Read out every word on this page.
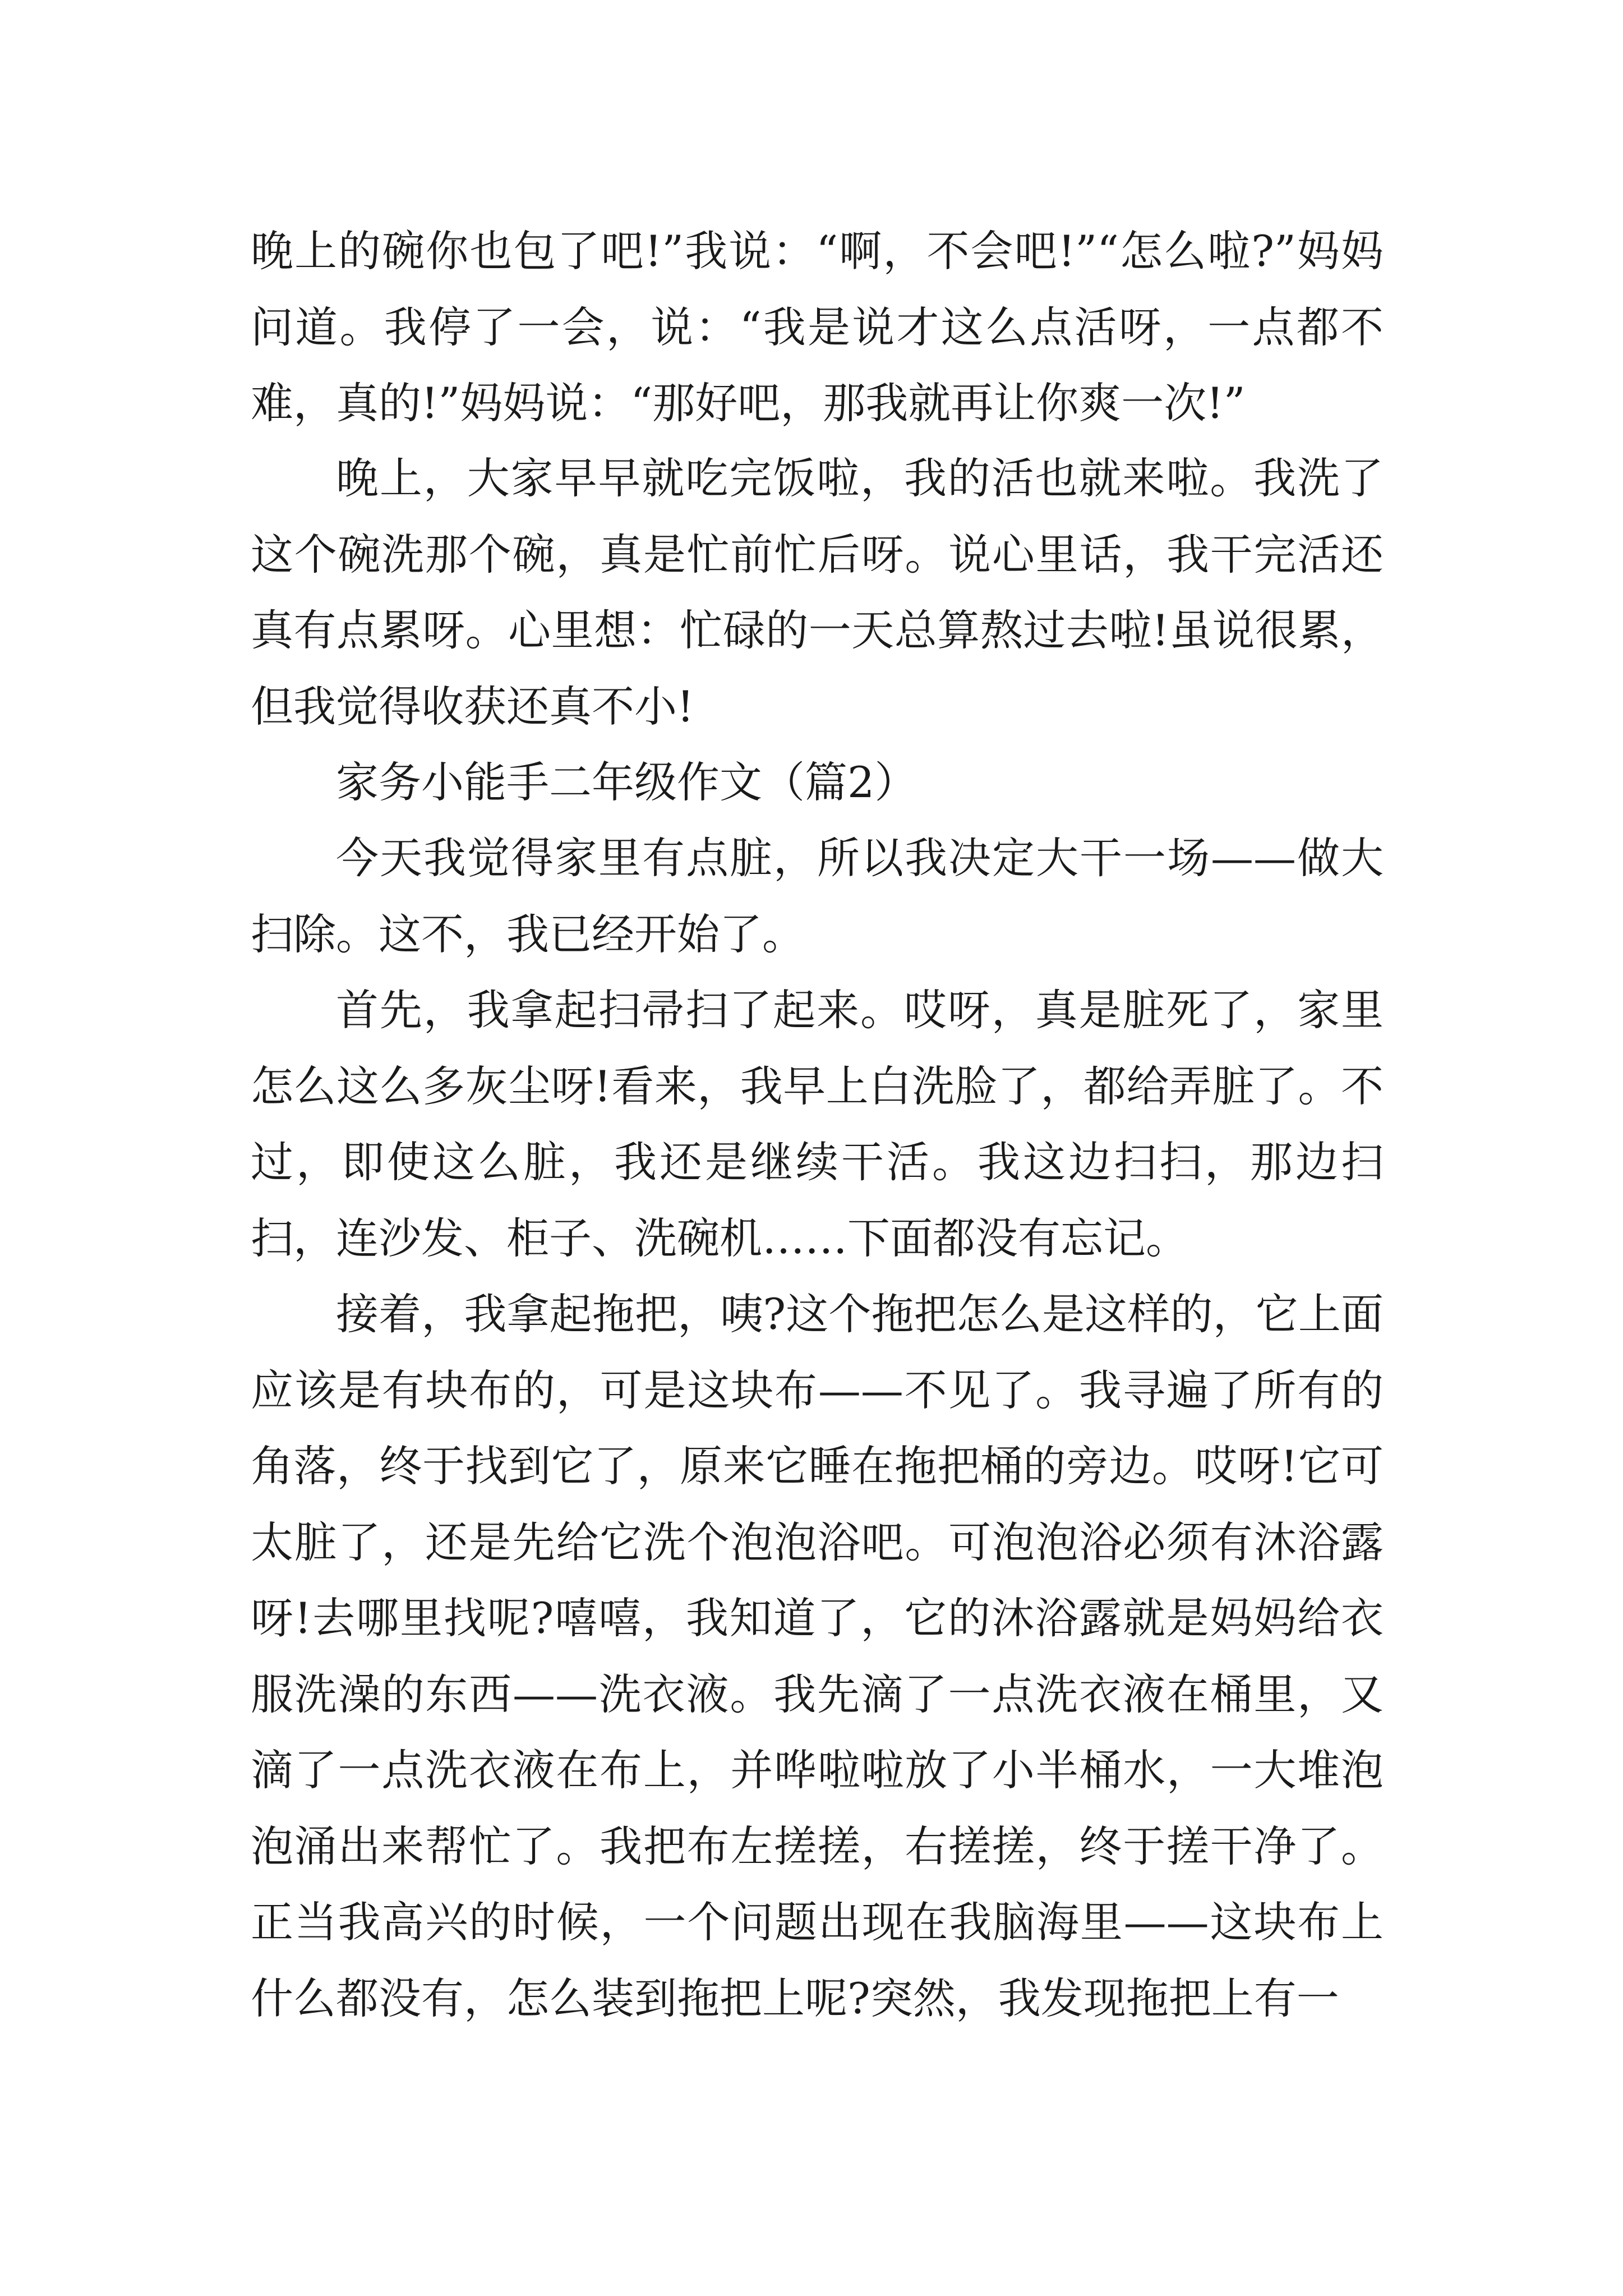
晚上的碗你也包了吧!”我说：“啊，不会吧!”“怎么啦?”妈妈问道。我停了一会，说：“我是说才这么点活呀，一点都不难，真的!”妈妈说：“那好吧，那我就再让你爽一次!”

晚上，大家早早就吃完饭啦，我的活也就来啦。我洗了这个碗洗那个碗，真是忙前忙后呀。说心里话，我干完活还真有点累呀。心里想：忙碌的一天总算熬过去啦!虽说很累，但我觉得收获还真不小!

家务小能手二年级作文（篇2）

今天我觉得家里有点脏，所以我决定大干一场——做大扫除。这不，我已经开始了。

首先，我拿起扫帚扫了起来。哎呀，真是脏死了，家里怎么这么多灰尘呀!看来，我早上白洗脸了，都给弄脏了。不过，即使这么脏，我还是继续干活。我这边扫扫，那边扫扫，连沙发、柜子、洗碗机……下面都没有忘记。

接着，我拿起拖把，咦?这个拖把怎么是这样的，它上面应该是有块布的，可是这块布——不见了。我寻遍了所有的角落，终于找到它了，原来它睡在拖把桶的旁边。哎呀!它可太脏了，还是先给它洗个泡泡浴吧。可泡泡浴必须有沐浴露呀!去哪里找呢?嘻嘻，我知道了，它的沐浴露就是妈妈给衣服洗澡的东西——洗衣液。我先滴了一点洗衣液在桶里，又滴了一点洗衣液在布上，并哗啦啦放了小半桶水，一大堆泡泡涌出来帮忙了。我把布左搓搓，右搓搓，终于搓干净了。正当我高兴的时候，一个问题出现在我脑海里——这块布上什么都没有，怎么装到拖把上呢?突然，我发现拖把上有一
